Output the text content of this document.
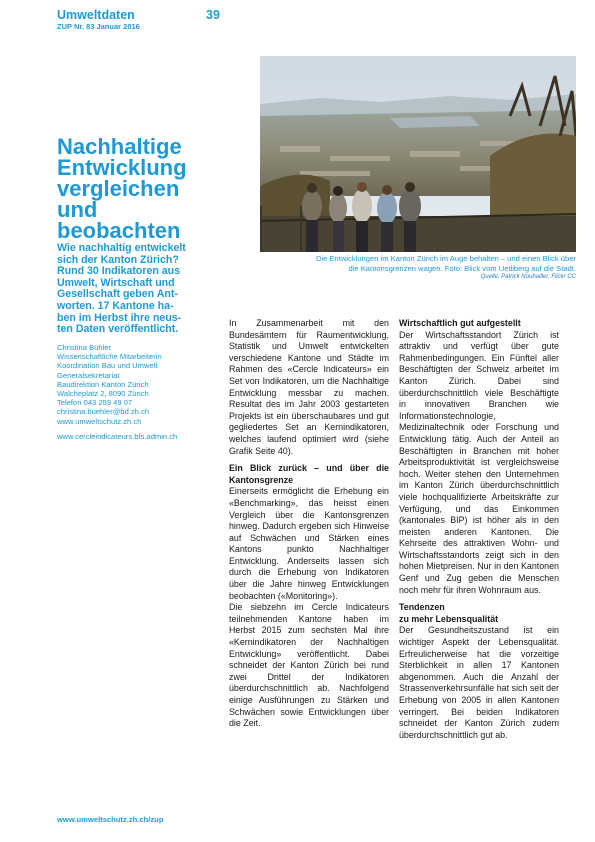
Umweltdaten
ZUP Nr. 83 Januar 2016
39
Die Entwicklungen im Kanton Zürich im Auge behalten – und einen Blick über
die Kantonsgrenzen wagen. Foto: Blick vom Uetliberg auf die Stadt.
Quelle: Patrick Nouhailler, Flickr CC
Nachhaltige
Entwicklung
vergleichen
und
beobachten
Wie nachhaltig entwickelt
sich der Kanton Zürich?
Rund 30 Indikatoren aus
Umwelt, Wirtschaft und
Gesellschaft geben Ant-
worten. 17 Kantone ha-
ben im Herbst ihre neus-
ten Daten veröffentlicht.
Christina Bühler
Wissenschaftliche Mitarbeiterin
Koordination Bau und Umwelt
Generalsekretariat
Baudirektion Kanton Zürich
Walcheplatz 2, 8090 Zürich
Telefon 043 259 49 07
christina.buehler@bd.zh.ch
www.umweltschutz.zh.ch
www.cercleindicateurs.bfs.admin.ch

In Zusammenarbeit mit den Bundesämtern für Raumentwicklung, Statistik und Umwelt entwickelten verschiedene Kantone und Städte im Rahmen des «Cercle Indicateurs» ein Set von Indikatoren, um die Nachhaltige Entwicklung messbar zu machen. Resultat des im Jahr 2003 gestarteten Projekts ist ein überschaubares und gut gegliedertes Set an Kernindikatoren, welches laufend optimiert wird (siehe Grafik Seite 40).

Ein Blick zurück – und über die Kantonsgrenze

Einerseits ermöglicht die Erhebung ein «Benchmarking», das heisst einen Vergleich über die Kantonsgrenzen hinweg. Dadurch ergeben sich Hinweise auf Schwächen und Stärken eines Kantons punkto Nachhaltiger Entwicklung. Anderseits lassen sich durch die Erhebung von Indikatoren über die Jahre hinweg Entwicklungen beobachten («Monitoring»).

Die siebzehn im Cercle Indicateurs teilnehmenden Kantone haben im Herbst 2015 zum sechsten Mal ihre «Kernindikatoren der Nachhaltigen Entwicklung» veröffentlicht. Dabei schneidet der Kanton Zürich bei rund zwei Drittel der Indikatoren überdurchschnittlich ab. Nachfolgend einige Ausführungen zu Stärken und Schwächen sowie Entwicklungen über die Zeit.

Wirtschaftlich gut aufgestellt

Der Wirtschaftsstandort Zürich ist attraktiv und verfügt über gute Rahmenbedingungen. Ein Fünftel aller Beschäftigten der Schweiz arbeitet im Kanton Zürich. Dabei sind überdurchschnittlich viele Beschäftigte in innovativen Branchen wie Informationstechnologie, Medizinaltechnik oder Forschung und Entwicklung tätig. Auch der Anteil an Beschäftigten in Branchen mit hoher Arbeitsproduktivität ist vergleichsweise hoch. Weiter stehen den Unternehmen im Kanton Zürich überdurchschnittlich viele hochqualifizierte Arbeitskräfte zur Verfügung, und das Einkommen (kantonales BIP) ist höher als in den meisten anderen Kantonen. Die Kehrseite des attraktiven Wohn- und Wirtschaftsstandorts zeigt sich in den hohen Mietpreisen. Nur in den Kantonen Genf und Zug geben die Menschen noch mehr für ihren Wohnraum aus.

Tendenzen
zu mehr Lebensqualität

Der Gesundheitszustand ist ein wichtiger Aspekt der Lebensqualität. Erfreulicherweise hat die vorzeitige Sterblichkeit in allen 17 Kantonen abgenommen. Auch die Anzahl der Strassenverkehrsunfälle hat sich seit der Erhebung von 2005 in allen Kantonen verringert. Bei beiden Indikatoren schneidet der Kanton Zürich zudem überdurchschnittlich gut ab.

www.umweltschutz.zh.ch/zup
